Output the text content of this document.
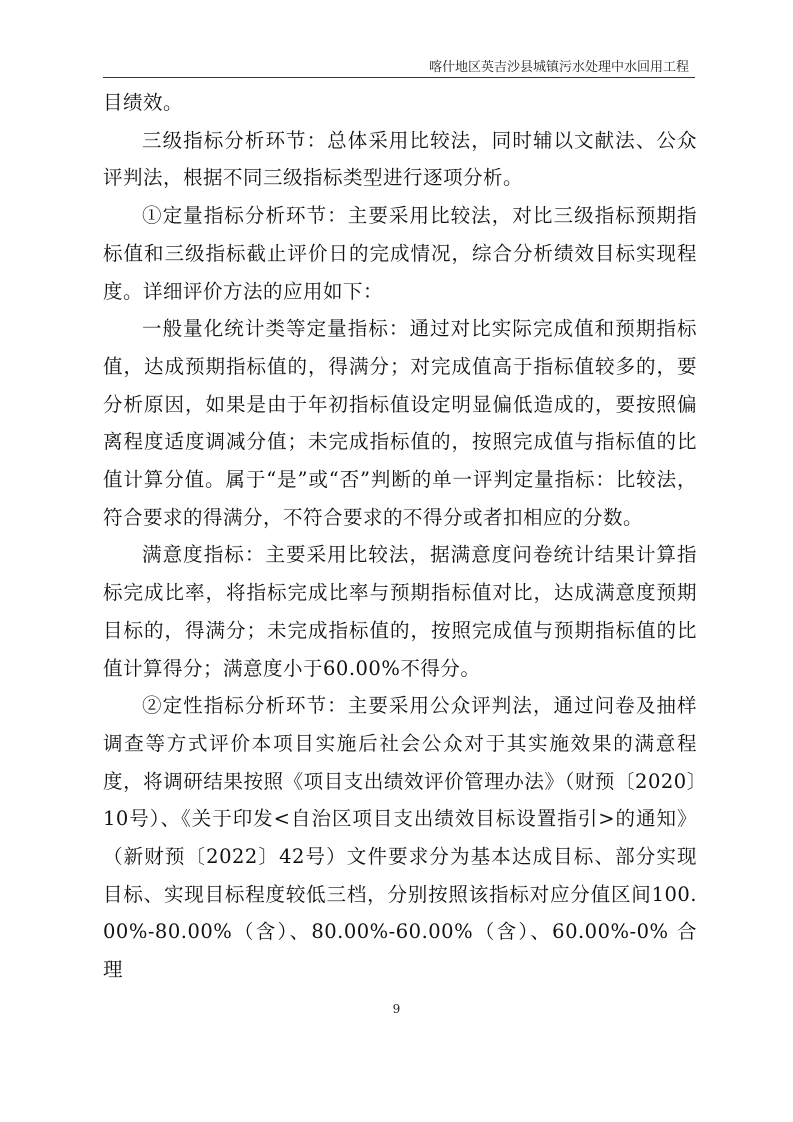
喀什地区英吉沙县城镇污水处理中水回用工程

目绩效。

三级指标分析环节：总体采用比较法，同时辅以文献法、公众评判法，根据不同三级指标类型进行逐项分析。

①定量指标分析环节：主要采用比较法，对比三级指标预期指标值和三级指标截止评价日的完成情况，综合分析绩效目标实现程度。详细评价方法的应用如下：

一般量化统计类等定量指标：通过对比实际完成值和预期指标值，达成预期指标值的，得满分；对完成值高于指标值较多的，要分析原因，如果是由于年初指标值设定明显偏低造成的，要按照偏离程度适度调减分值；未完成指标值的，按照完成值与指标值的比值计算分值。属于“是”或“否”判断的单一评判定量指标：比较法，符合要求的得满分，不符合要求的不得分或者扣相应的分数。

满意度指标：主要采用比较法，据满意度问卷统计结果计算指标完成比率，将指标完成比率与预期指标值对比，达成满意度预期目标的，得满分；未完成指标值的，按照完成值与预期指标值的比值计算得分；满意度小于60.00%不得分。

②定性指标分析环节：主要采用公众评判法，通过问卷及抽样调查等方式评价本项目实施后社会公众对于其实施效果的满意程度，将调研结果按照《项目支出绩效评价管理办法》（财预〔2020〕10号）、《关于印发<自治区项目支出绩效目标设置指引>的通知》（新财预〔2022〕42号）文件要求分为基本达成目标、部分实现目标、实现目标程度较低三档，分别按照该指标对应分值区间100.00%-80.00%（含）、80.00%-60.00%（含）、60.00%-0% 合理

9
